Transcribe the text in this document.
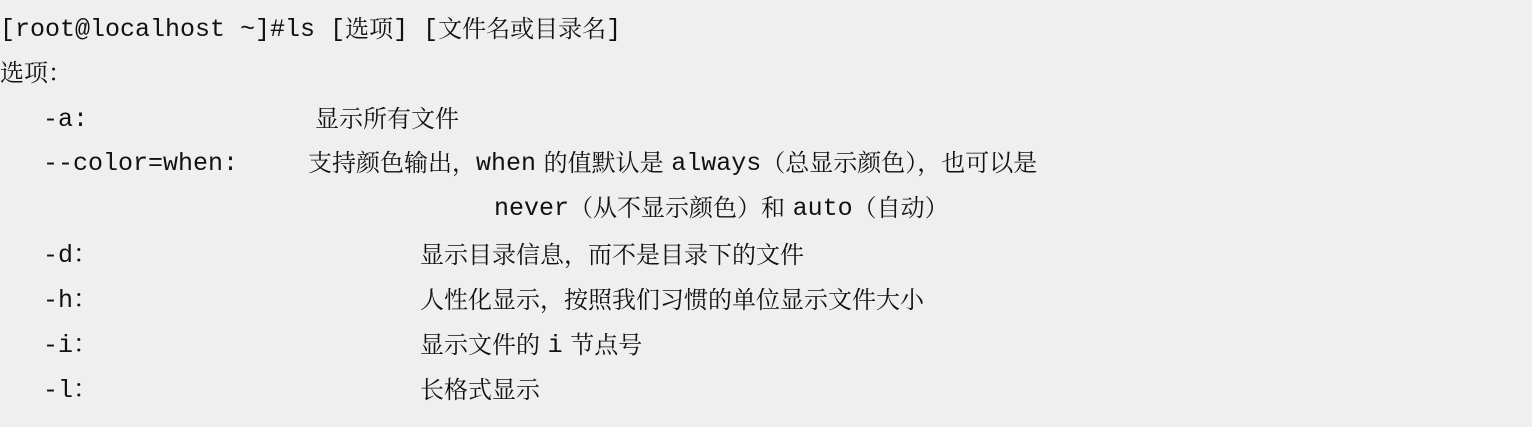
[root@localhost ~]# ls [ 选项 ] [ 文件名或目录名 ]
选项：
-a:	显示所有文件
--color=when:	支持颜色输出， when 的值默认是 always （总显示颜色），也可以是
never （从不显示颜色）和 auto （自动）
-d：	显示目录信息，而不是目录下的文件
-h：	人性化显示，按照我们习惯的单位显示文件大小
-i：	显示文件的 i 节点号
-l：	长格式显示
